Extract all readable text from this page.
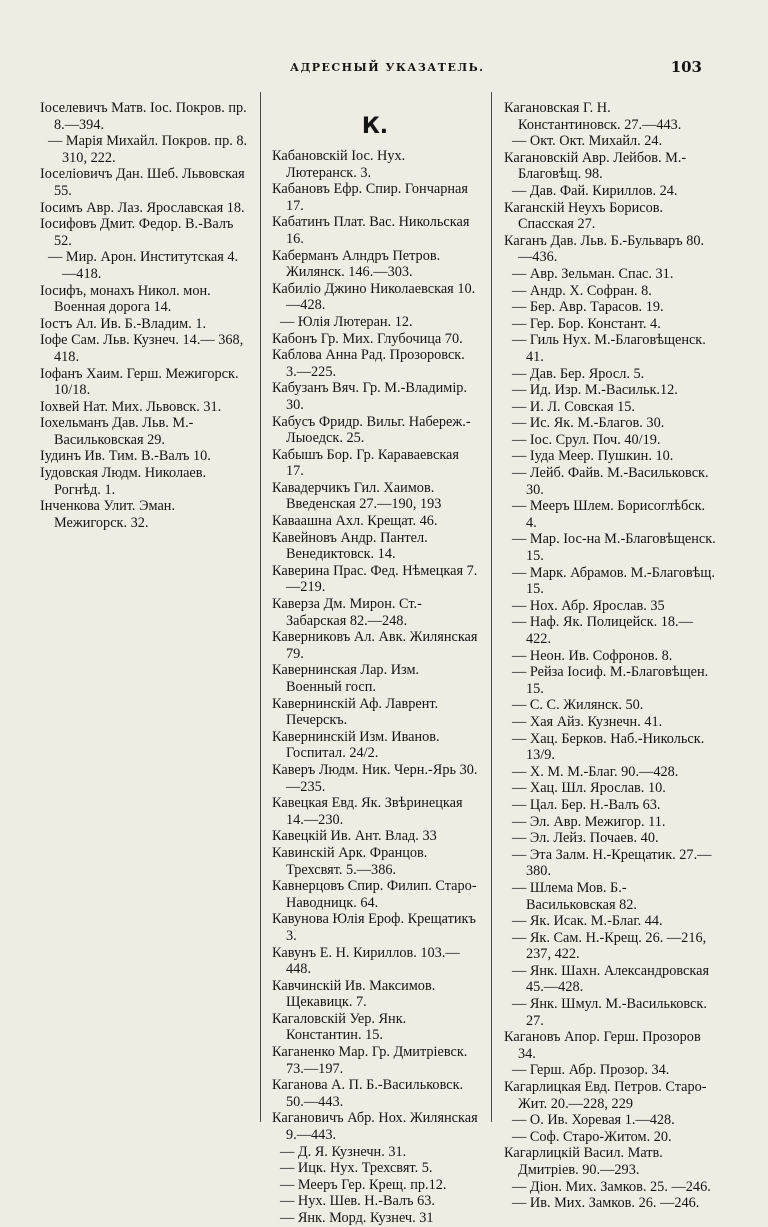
АДРЕСНЫЙ УКАЗАТЕЛЬ.	103
Іоселевичъ Матв. Іос. Покров. пр. 8.—394.
— Марія Михайл. Покров. пр. 8. 310, 222.
Іоселіовичъ Дан. Шеб. Львовская 55.
Іосимъ Авр. Лаз. Ярославская 18.
Іосифовъ Дмит. Федор. В.-Валъ 52.
— Мир. Арон. Институтская 4.—418.
Іосифъ, монахъ Никол. мон. Военная дорога 14.
Іостъ Ал. Ив. Б.-Владим. 1.
Іофе Сам. Льв. Кузнеч. 14.— 368, 418.
Іофанъ Хаим. Герш. Межигорск. 10/18.
Іохвей Нат. Мих. Львовск. 31.
Іохельманъ Дав. Льв. М.-Васильковская 29.
Іудинъ Ив. Тим. В.-Валъ 10.
Іудовская Людм. Николаев. Рогнѣд. 1.
Інченкова Улит. Эман. Межигорск. 32.
К.
Кабановскій Іос. Нух. Лютеранск. 3.
Кабановъ Ефр. Спир. Гончарная 17.
Кабатинъ Плат. Вас. Никольская 16.
Каберманъ Алндръ Петров. Жилянск. 146.—303.
Кабиліо Джино Николаевская 10.—428.
— Юлія Лютеран. 12.
Кабонъ Гр. Мих. Глубочица 70.
Каблова Анна Рад. Прозоровск. 3.—225.
Кабузанъ Вяч. Гр. М.-Владимір. 30.
Кабусъ Фридр. Вильг. Набереж.-Лыоедск. 25.
Кабышъ Бор. Гр. Караваевская 17.
Кавадерчикъ Гил. Хаимов. Введенская 27.—190, 193
Каваашна Ахл. Крещат. 46.
Кавейновъ Андр. Пантел. Венедиктовск. 14.
Каверина Прас. Фед. Нѣмецкая 7.—219.
Каверза Дм. Мирон. Ст.-Забарская 82.—248.
Каверниковъ Ал. Авк. Жилянская 79.
Кавернинская Лар. Изм. Военный госп.
Кавернинскій Аф. Лаврент. Печерскъ.
Кавернинскій Изм. Иванов. Госпитал. 24/2.
Каверъ Людм. Ник. Черн.-Ярь 30.—235.
Кавецкая Евд. Як. Звѣринецкая 14.—230.
Кавецкій Ив. Ант. Влад. 33
Кавинскій Арк. Францов. Трехсвят. 5.—386.
Кавнерцовъ Спир. Филип. Старо-Наводницк. 64.
Кавунова Юлія Ероф. Крещатикъ 3.
Кавунъ Е. Н. Кириллов. 103.—448.
Кавчинскій Ив. Максимов. Щекавицк. 7.
Кагаловскій Уер. Янк. Константин. 15.
Каганенко Мар. Гр. Дмитріевск. 73.—197.
Каганова А. П. Б.-Васильковск. 50.—443.
Кагановичъ Абр. Нох. Жилянская 9.—443.
— Д. Я. Кузнечн. 31.
— Ицк. Нух. Трехсвят. 5.
— Мееръ Гер. Крещ. пр.12.
— Нух. Шев. Н.-Валъ 63.
— Янк. Морд. Кузнеч. 31
Кагановская Г. Н. Константиновск. 27.—443.
— Окт. Окт. Михайл. 24.
Кагановскій Авр. Лейбов. М.-Благовѣщ. 98.
— Дав. Фай. Кириллов. 24.
Каганскій Неухъ Борисов. Спасская 27.
Каганъ Дав. Льв. Б.-Бульваръ 80.—436.
— Авр. Зельман. Спас. 31.
— Андр. Х. Софран. 8.
— Бер. Авр. Тарасов. 19.
— Гер. Бор. Констант. 4.
— Гиль Нух. М.-Благовѣщенск. 41.
— Дав. Бер. Яросл. 5.
— Ид. Изр. М.-Васильк.12.
— И. Л. Совская 15.
— Ис. Як. М.-Благов. 30.
— Іос. Срул. Поч. 40/19.
— Іуда Меер. Пушкин. 10.
— Лейб. Файв. М.-Васильковск. 30.
— Мееръ Шлем. Борисоглѣбск. 4.
— Мар. Іос-на М.-Благовѣщенск. 15.
— Марк. Абрамов. М.-Благовѣщ. 15.
— Нох. Абр. Ярослав. 35
— Наф. Як. Полицейск. 18.—422.
— Неон. Ив. Софронов. 8.
— Рейза Іосиф. М.-Благовѣщен. 15.
— С. С. Жилянск. 50.
— Хая Айз. Кузнечн. 41.
— Хац. Берков. Наб.-Никольск. 13/9.
— Х. М. М.-Благ. 90.—428.
— Хац. Шл. Ярослав. 10.
— Цал. Бер. Н.-Валъ 63.
— Эл. Авр. Межигор. 11.
— Эл. Лейз. Почаев. 40.
— Эта Залм. Н.-Крещатик. 27.—380.
— Шлема Мов. Б.-Васильковская 82.
— Як. Исак. М.-Благ. 44.
— Як. Сам. Н.-Крещ. 26. —216, 237, 422.
— Янк. Шахн. Александровская 45.—428.
— Янк. Шмул. М.-Васильковск. 27.
Кагановъ Апор. Герш. Прозоров 34.
— Герш. Абр. Прозор. 34.
Кагарлицкая Евд. Петров. Старо-Жит. 20.—228, 229
— О. Ив. Хоревая 1.—428.
— Соф. Старо-Житом. 20.
Кагарлицкій Васил. Матв. Дмитріев. 90.—293.
— Діон. Мих. Замков. 25. —246.
— Ив. Мих. Замков. 26. —246.
